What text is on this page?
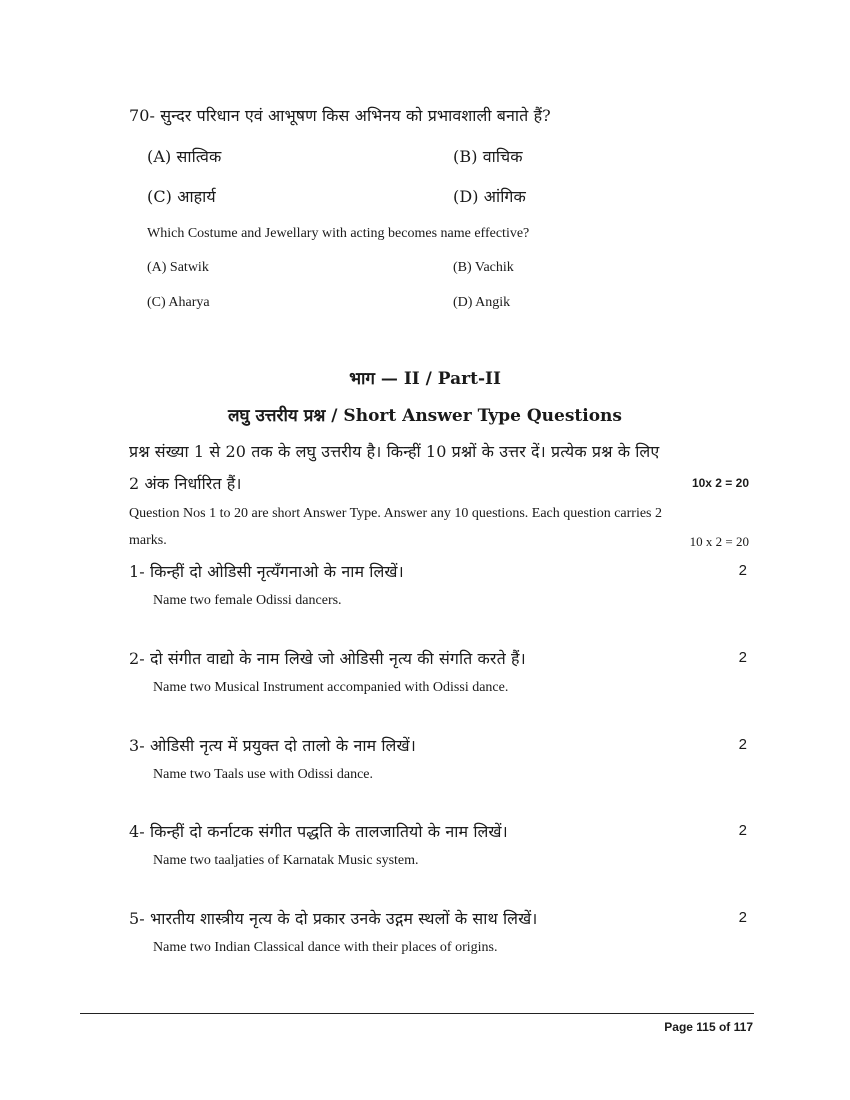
70- सुन्दर परिधान एवं आभूषण किस अभिनय को प्रभावशाली बनाते हैं?
(A) सात्विक	(B) वाचिक
(C) आहार्य	(D) आंगिक
Which Costume and Jewellary with acting becomes name effective?
(A) Satwik	(B) Vachik
(C) Aharya	(D) Angik
भाग — II / Part-II
लघु उत्तरीय प्रश्न / Short Answer Type Questions
प्रश्न संख्या 1 से 20 तक के लघु उत्तरीय है। किन्हीं 10 प्रश्नों के उत्तर दें। प्रत्येक प्रश्न के लिए
2 अंक निर्धारित हैं।	10x 2 = 20
Question Nos 1 to 20 are short Answer Type. Answer any 10 questions. Each question carries 2
marks.	10 x 2 = 20
1- किन्हीं दो ओडिसी नृत्यँगनाओ के नाम लिखें।	2
Name two female Odissi dancers.
2- दो संगीत वाद्यो के नाम लिखे जो ओडिसी नृत्य की संगति करते हैं।	2
Name two Musical Instrument accompanied with Odissi dance.
3- ओडिसी नृत्य में प्रयुक्त दो तालो के नाम लिखें।	2
Name two Taals use with Odissi dance.
4- किन्हीं दो कर्नाटक संगीत पद्धति के तालजातियो के नाम लिखें।	2
Name two taaljaties of Karnatak Music system.
5- भारतीय शास्त्रीय नृत्य के दो प्रकार उनके उद्गम स्थलों के साथ लिखें।	2
Name two Indian Classical dance with their places of origins.
Page 115 of 117
